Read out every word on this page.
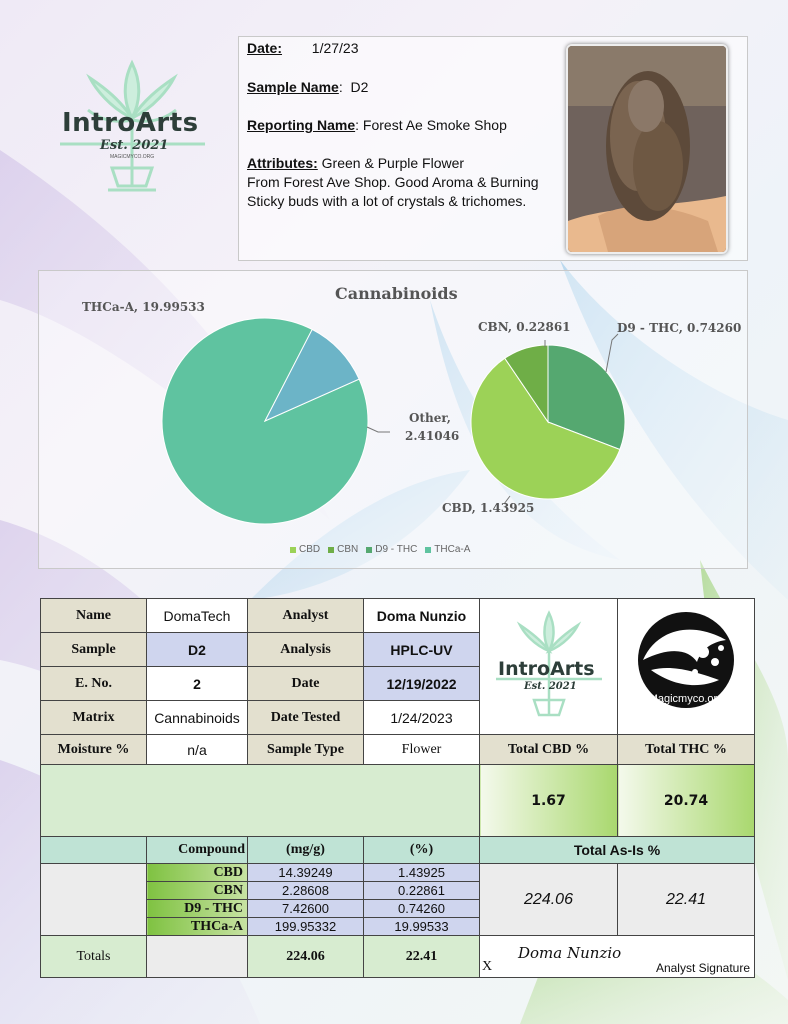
IntroArts
Est. 2021
MAGICMYCO.ORG

Date: 1/27/23

Sample Name:  D2

Reporting Name: Forest Ae Smoke Shop

Attributes: Green & Purple Flower

From Forest Ave Shop. Good Aroma & Burning

Sticky buds with a lot of crystals & trichomes.

Cannabinoids
THCa-A, 19.99533
Other,
2.41046
CBN, 0.22861	D9 - THC, 0.74260
CBD, 1.43925
CBD CBN D9 - THC THCa-A
Name	DomaTech	Analyst	Doma Nunzio	IntroArts
Est. 2021	Magicmyco.org

Sample	D2	Analysis	HPLC-UV		
E. No.	2	Date	12/19/2022		
Matrix	Cannabinoids	Date Tested	1/24/2023		
Moisture %	n/a	Sample Type	Flower	Total CBD %	Total THC %
				1.67	20.74
	Compound	(mg/g)	(%)	Total As-Is %	
	CBD	14.39249	1.43925	224.06	22.41
	CBN	2.28608	0.22861		
	D9 - THC	7.42600	0.74260		
	THCa-A	199.95332	19.99533		
Totals		224.06	22.41	X
Doma Nunzio
Analyst Signature	
